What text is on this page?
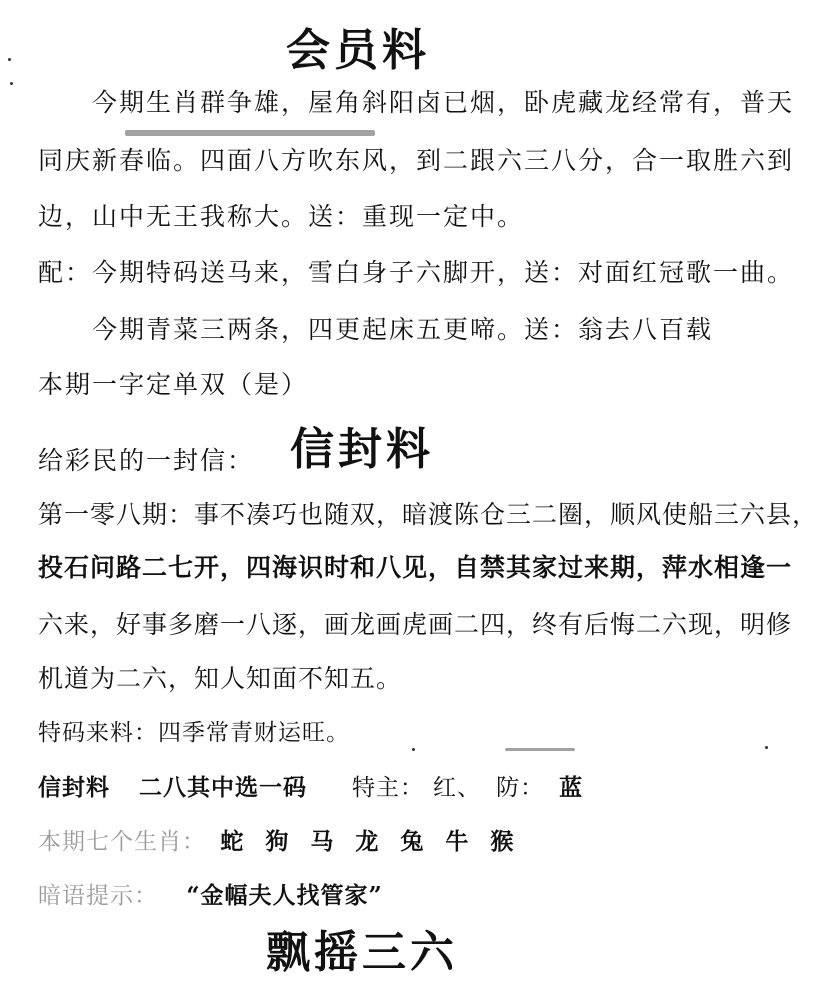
会员料
今期生肖群争雄，屋角斜阳卤已烟，卧虎藏龙经常有，普天
同庆新春临。四面八方吹东风，到二跟六三八分，合一取胜六到
边，山中无王我称大。送：重现一定中。
配：今期特码送马来，雪白身子六脚开，送：对面红冠歌一曲。
今期青菜三两条，四更起床五更啼。送：翁去八百载
本期一字定单双（是）
给彩民的一封信： 信封料
第一零八期：事不凑巧也随双，暗渡陈仓三二圈，顺风使船三六县，
投石问路二七开，四海识时和八见，自禁其家过来期，萍水相逢一
六来，好事多磨一八逐，画龙画虎画二四，终有后悔二六现，明修
机道为二六，知人知面不知五。
特码来料：四季常青财运旺。
信封料 二八其中选一码 特主： 红、 防： 蓝
本期七个生肖： 蛇 狗 马 龙 兔 牛 猴
暗语提示： “金幅夫人找管家”
飘摇三六
